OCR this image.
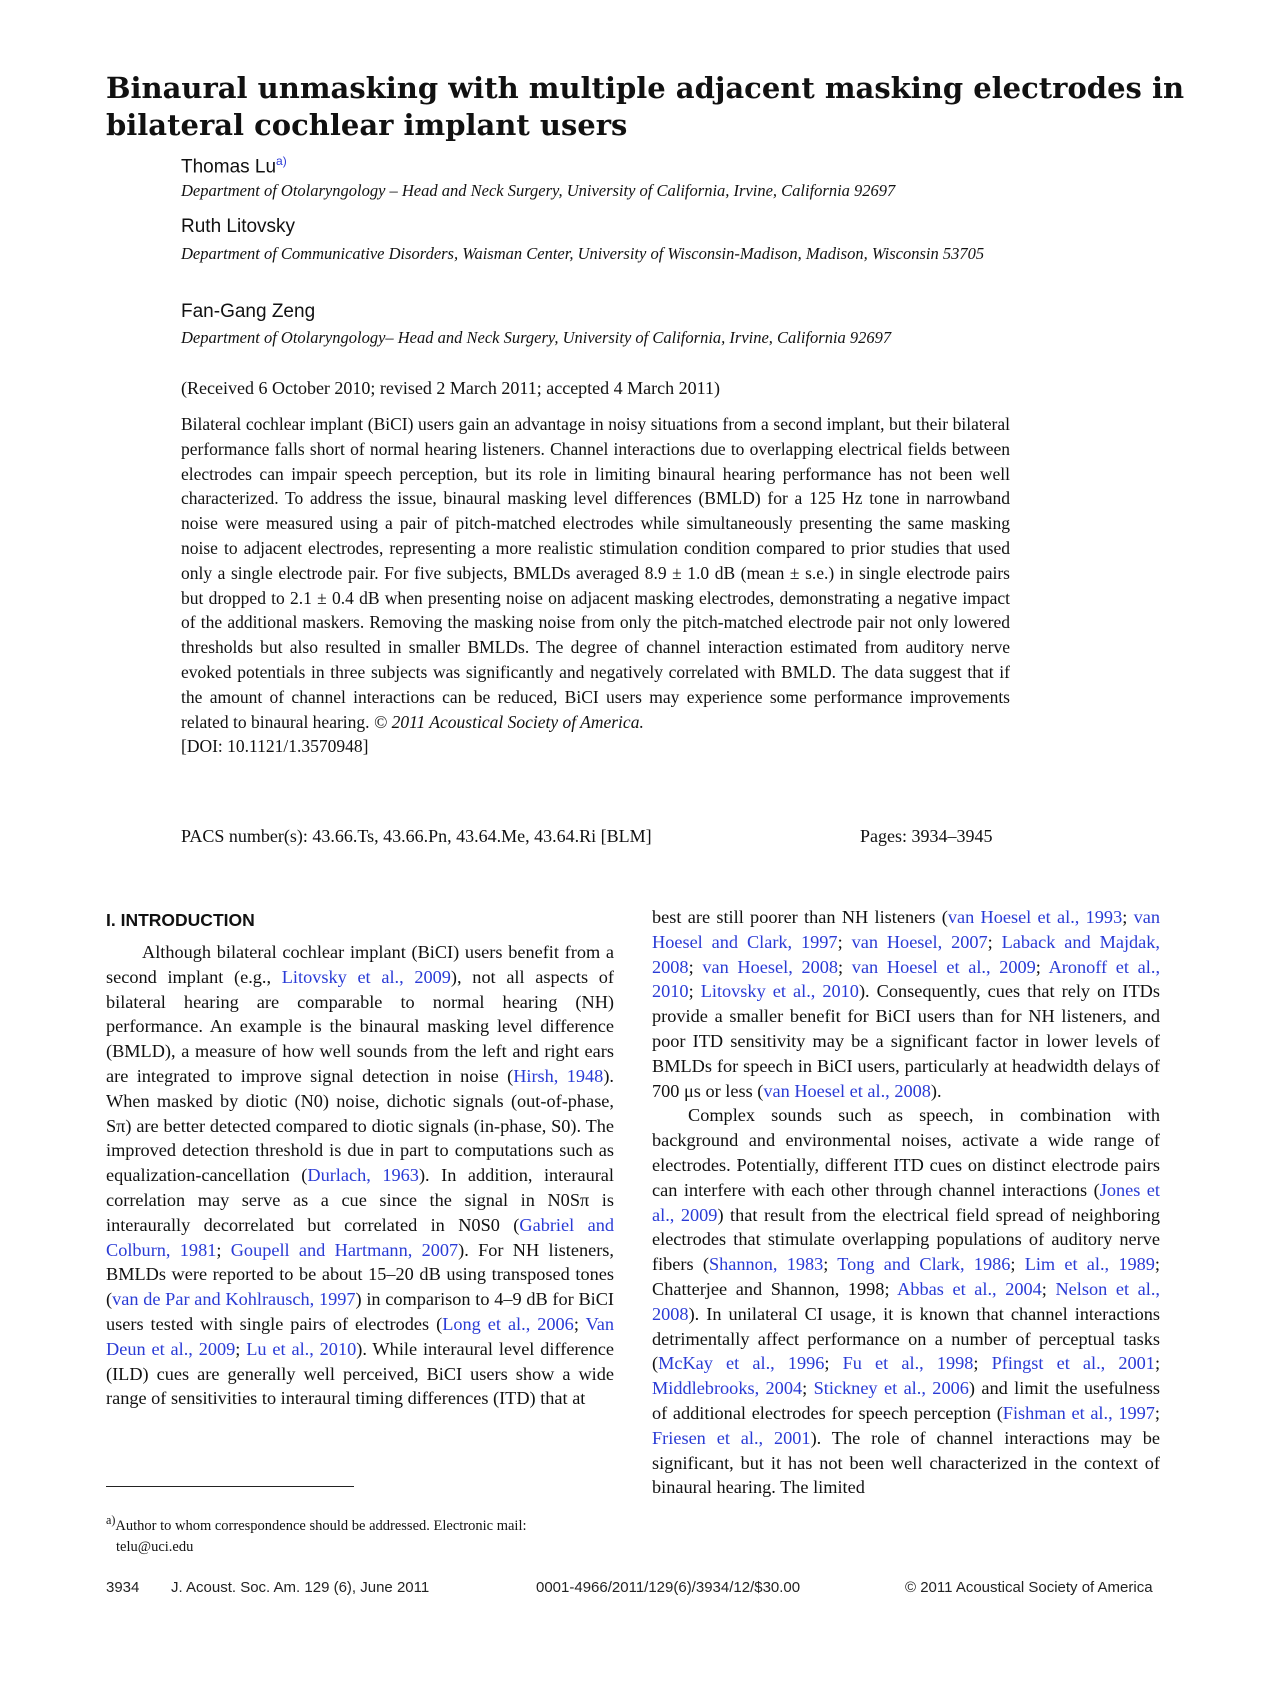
Binaural unmasking with multiple adjacent masking electrodes in bilateral cochlear implant users
Thomas Lu$^{a)}$
Department of Otolaryngology – Head and Neck Surgery, University of California, Irvine, California 92697
Ruth Litovsky
Department of Communicative Disorders, Waisman Center, University of Wisconsin-Madison, Madison, Wisconsin 53705
Fan-Gang Zeng
Department of Otolaryngology– Head and Neck Surgery, University of California, Irvine, California 92697
(Received 6 October 2010; revised 2 March 2011; accepted 4 March 2011)

Bilateral cochlear implant (BiCI) users gain an advantage in noisy situations from a second implant, but their bilateral performance falls short of normal hearing listeners. Channel interactions due to overlapping electrical fields between electrodes can impair speech perception, but its role in limiting binaural hearing performance has not been well characterized. To address the issue, binaural masking level differences (BMLD) for a 125 Hz tone in narrowband noise were measured using a pair of pitch-matched electrodes while simultaneously presenting the same masking noise to adjacent electrodes, representing a more realistic stimulation condition compared to prior studies that used only a single electrode pair. For five subjects, BMLDs averaged 8.9 ± 1.0 dB (mean ± s.e.) in single electrode pairs but dropped to 2.1 ± 0.4 dB when presenting noise on adjacent masking electrodes, demonstrating a negative impact of the additional maskers. Removing the masking noise from only the pitch-matched electrode pair not only lowered thresholds but also resulted in smaller BMLDs. The degree of channel interaction estimated from auditory nerve evoked potentials in three subjects was significantly and negatively correlated with BMLD. The data suggest that if the amount of channel interactions can be reduced, BiCI users may experience some performance improvements related to binaural hearing. © 2011 Acoustical Society of America.
[DOI: 10.1121/1.3570948]

PACS number(s): 43.66.Ts, 43.66.Pn, 43.64.Me, 43.64.Ri [BLM]	Pages: 3934–3945
I. INTRODUCTION

Although bilateral cochlear implant (BiCI) users benefit from a second implant (e.g., Litovsky et al., 2009), not all aspects of bilateral hearing are comparable to normal hearing (NH) performance. An example is the binaural masking level difference (BMLD), a measure of how well sounds from the left and right ears are integrated to improve signal detection in noise (Hirsh, 1948). When masked by diotic (N0) noise, dichotic signals (out-of-phase, Sπ) are better detected compared to diotic signals (in-phase, S0). The improved detection threshold is due in part to computations such as equalization-cancellation (Durlach, 1963). In addition, interaural correlation may serve as a cue since the signal in N0Sπ is interaurally decorrelated but correlated in N0S0 (Gabriel and Colburn, 1981; Goupell and Hartmann, 2007). For NH listeners, BMLDs were reported to be about 15–20 dB using transposed tones (van de Par and Kohlrausch, 1997) in comparison to 4–9 dB for BiCI users tested with single pairs of electrodes (Long et al., 2006; Van Deun et al., 2009; Lu et al., 2010). While interaural level difference (ILD) cues are generally well perceived, BiCI users show a wide range of sensitivities to interaural timing differences (ITD) that at

best are still poorer than NH listeners (van Hoesel et al., 1993; van Hoesel and Clark, 1997; van Hoesel, 2007; Laback and Majdak, 2008; van Hoesel, 2008; van Hoesel et al., 2009; Aronoff et al., 2010; Litovsky et al., 2010). Consequently, cues that rely on ITDs provide a smaller benefit for BiCI users than for NH listeners, and poor ITD sensitivity may be a significant factor in lower levels of BMLDs for speech in BiCI users, particularly at headwidth delays of 700 μs or less (van Hoesel et al., 2008).

Complex sounds such as speech, in combination with background and environmental noises, activate a wide range of electrodes. Potentially, different ITD cues on distinct electrode pairs can interfere with each other through channel interactions (Jones et al., 2009) that result from the electrical field spread of neighboring electrodes that stimulate overlapping populations of auditory nerve fibers (Shannon, 1983; Tong and Clark, 1986; Lim et al., 1989; Chatterjee and Shannon, 1998; Abbas et al., 2004; Nelson et al., 2008). In unilateral CI usage, it is known that channel interactions detrimentally affect performance on a number of perceptual tasks (McKay et al., 1996; Fu et al., 1998; Pfingst et al., 2001; Middlebrooks, 2004; Stickney et al., 2006) and limit the usefulness of additional electrodes for speech perception (Fishman et al., 1997; Friesen et al., 2001). The role of channel interactions may be significant, but it has not been well characterized in the context of binaural hearing. The limited

$^{a)}$Author to whom correspondence should be addressed. Electronic mail:
telu@uci.edu
3934 J. Acoust. Soc. Am. 129 (6), June 2011	0001-4966/2011/129(6)/3934/12/$30.00	© 2011 Acoustical Society of America
